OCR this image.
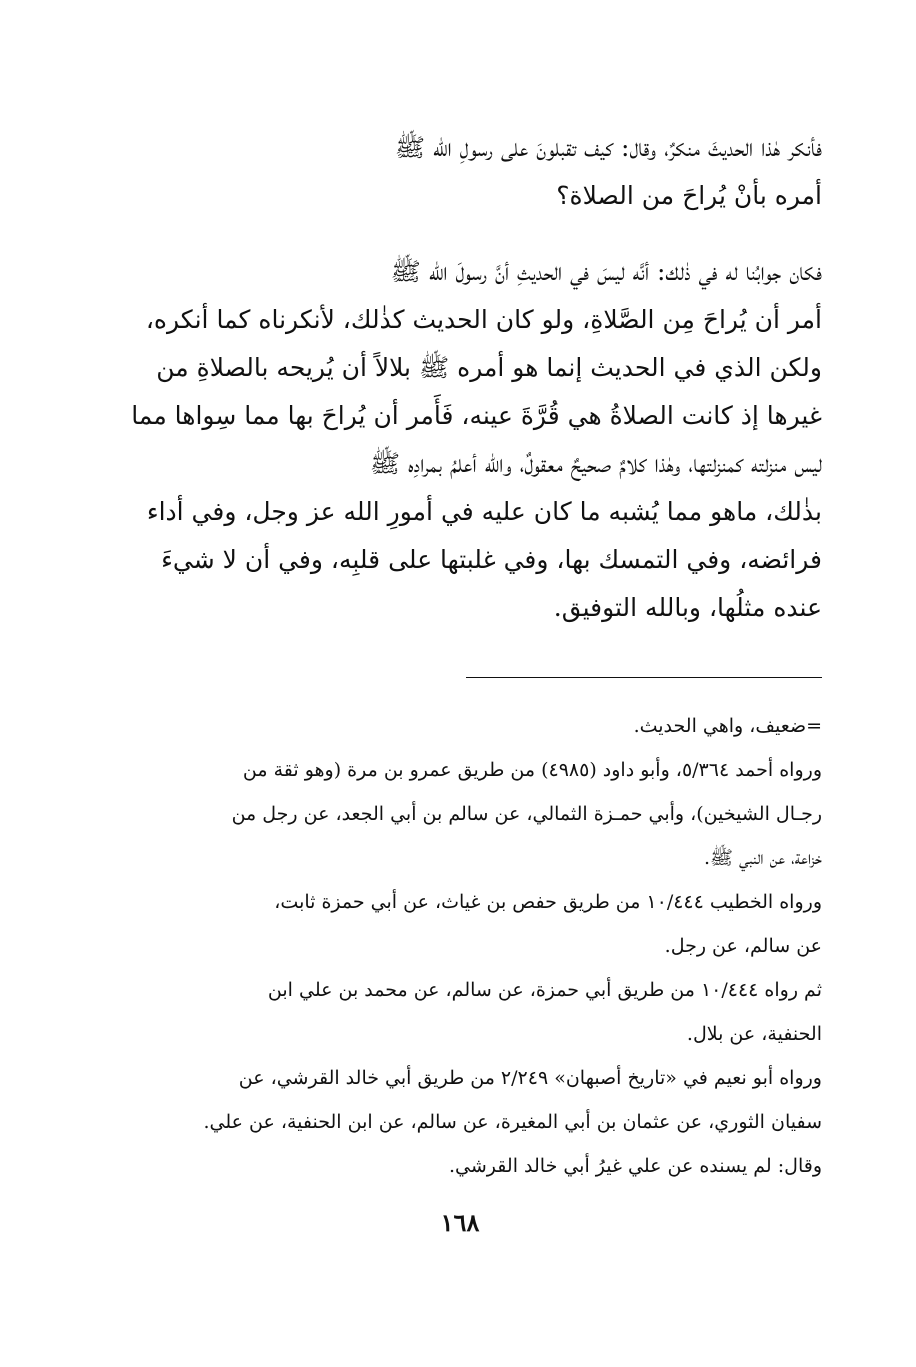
فأنكر هٰذا الحديثَ منكرٌ، وقال: كيف تقبلونَ على رسولِ الله ﷺ
أمره بأنْ يُراحَ من الصلاة؟
فكان جوابُنا له في ذٰلك: أنَّه ليسَ في الحديثِ أنَّ رسولَ الله ﷺ
أمر أن يُراحَ مِن الصَّلاةِ، ولو كان الحديث كذٰلك، لأنكرناه كما أنكره،
ولكن الذي في الحديث إنما هو أمره ﷺ بلالاً أن يُريحه بالصلاةِ من
غيرها إذ كانت الصلاةُ هي قُرَّةَ عينه، فَأَمر أن يُراحَ بها مما سِواها مما
ليس منزلته كمنزلتها، وهٰذا كلامٌ صحيحٌ معقولٌ، والله أعلمُ بمرادِه ﷺ
بذٰلك، ماهو مما يُشبه ما كان عليه في أمورِ الله عز وجل، وفي أداء
فرائضه، وفي التمسك بها، وفي غلبتها على قلبِه، وفي أن لا شيءَ
عنده مثلُها، وبالله التوفيق.
=ضعيف، واهي الحديث.
ورواه أحمد ٥/٣٦٤، وأبو داود (٤٩٨٥) من طريق عمرو بن مرة (وهو ثقة من
رجـال الشيخين)، وأبي حمـزة الثمالي، عن سالم بن أبي الجعد، عن رجل من
خزاعة، عن النبي ﷺ.
ورواه الخطيب ١٠/٤٤٤ من طريق حفص بن غياث، عن أبي حمزة ثابت،
عن سالم، عن رجل.
ثم رواه ١٠/٤٤٤ من طريق أبي حمزة، عن سالم، عن محمد بن علي ابن
الحنفية، عن بلال.
ورواه أبو نعيم في «تاريخ أصبهان» ٢/٢٤٩ من طريق أبي خالد القرشي، عن
سفيان الثوري، عن عثمان بن أبي المغيرة، عن سالم، عن ابن الحنفية، عن علي.
وقال: لم يسنده عن علي غيرُ أبي خالد القرشي.
١٦٨
